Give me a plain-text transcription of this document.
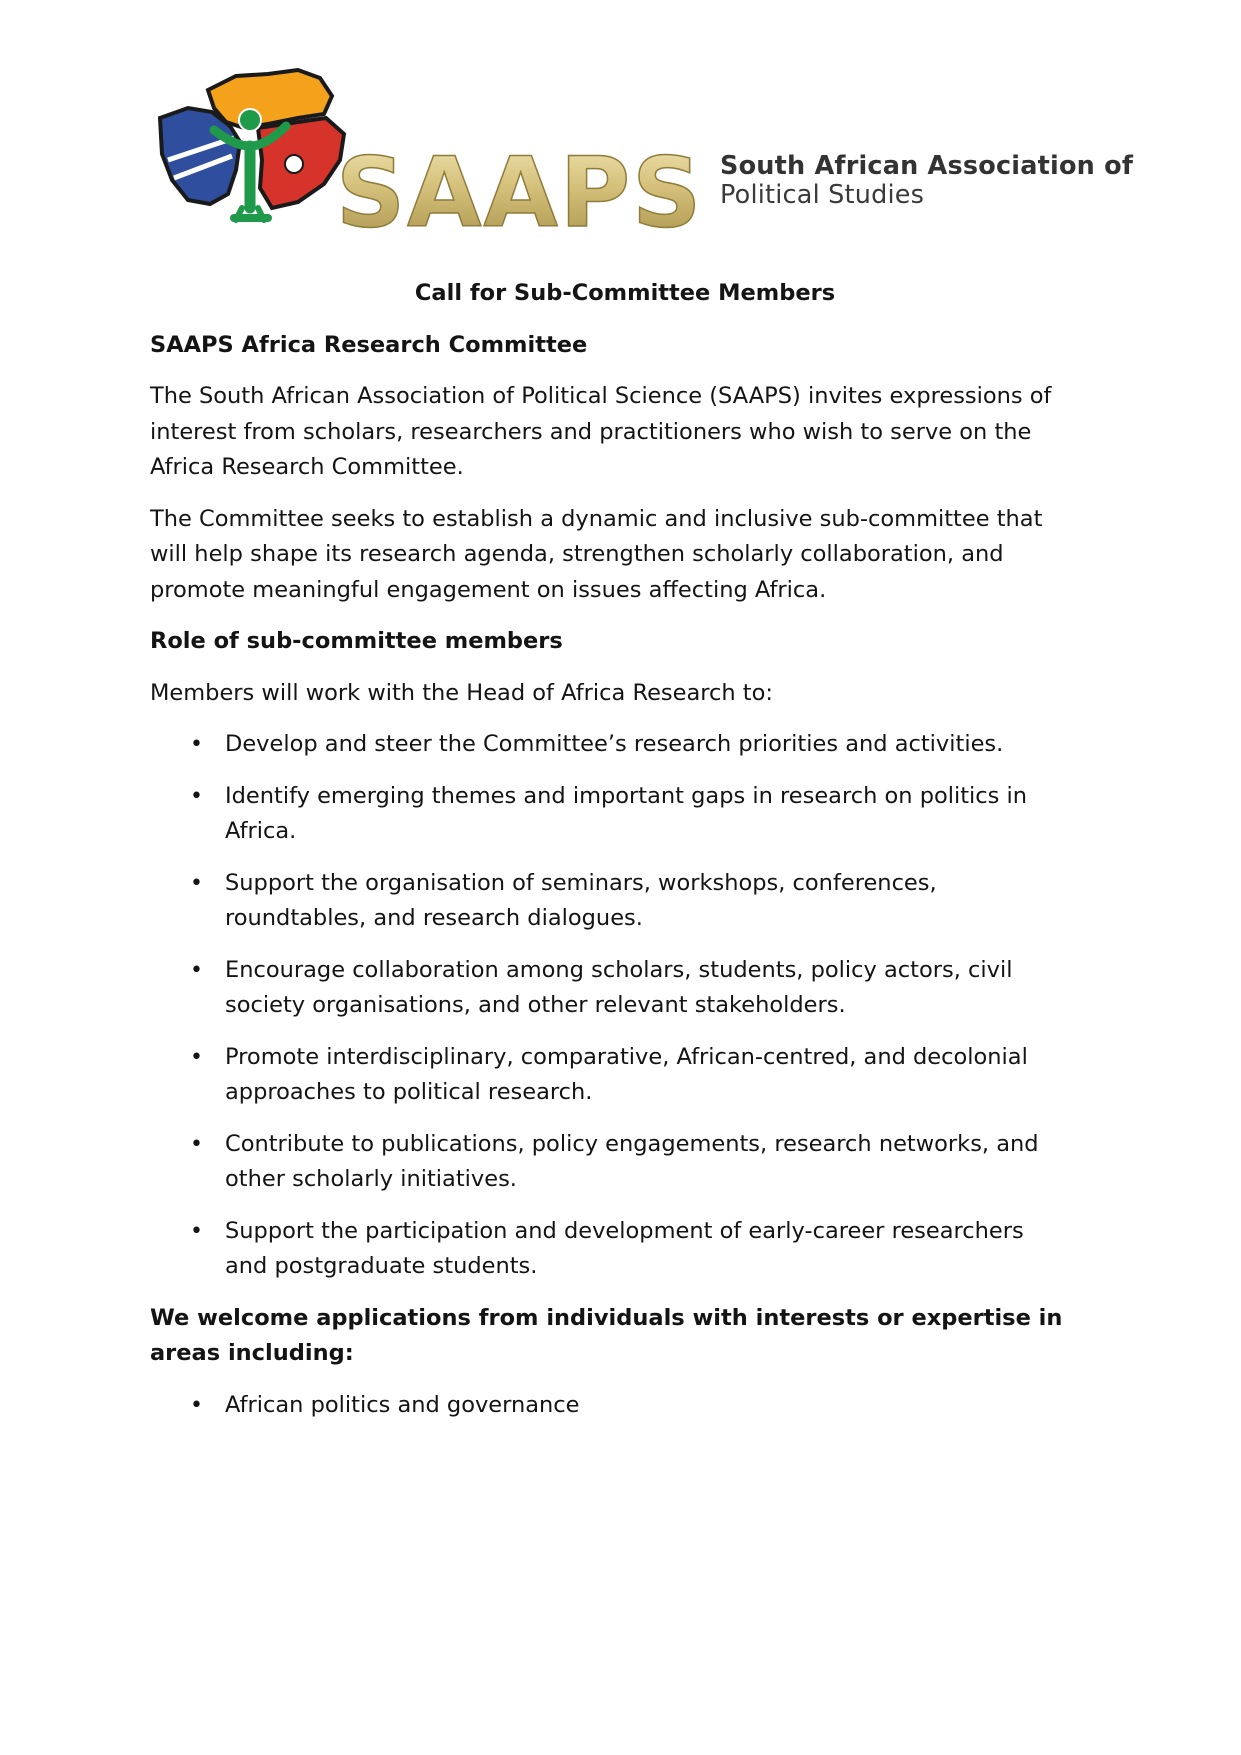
SAAPS South African Association of
Political Studies
Call for Sub-Committee Members
SAAPS Africa Research Committee

The South African Association of Political Science (SAAPS) invites expressions of interest from scholars, researchers and practitioners who wish to serve on the Africa Research Committee.

The Committee seeks to establish a dynamic and inclusive sub-committee that will help shape its research agenda, strengthen scholarly collaboration, and promote meaningful engagement on issues affecting Africa.

Role of sub-committee members

Members will work with the Head of Africa Research to:

• Develop and steer the Committee’s research priorities and activities.
• Identify emerging themes and important gaps in research on politics in Africa.
• Support the organisation of seminars, workshops, conferences, roundtables, and research dialogues.
• Encourage collaboration among scholars, students, policy actors, civil society organisations, and other relevant stakeholders.
• Promote interdisciplinary, comparative, African-centred, and decolonial approaches to political research.
• Contribute to publications, policy engagements, research networks, and other scholarly initiatives.
• Support the participation and development of early-career researchers and postgraduate students.
We welcome applications from individuals with interests or expertise in areas including:
• African politics and governance
